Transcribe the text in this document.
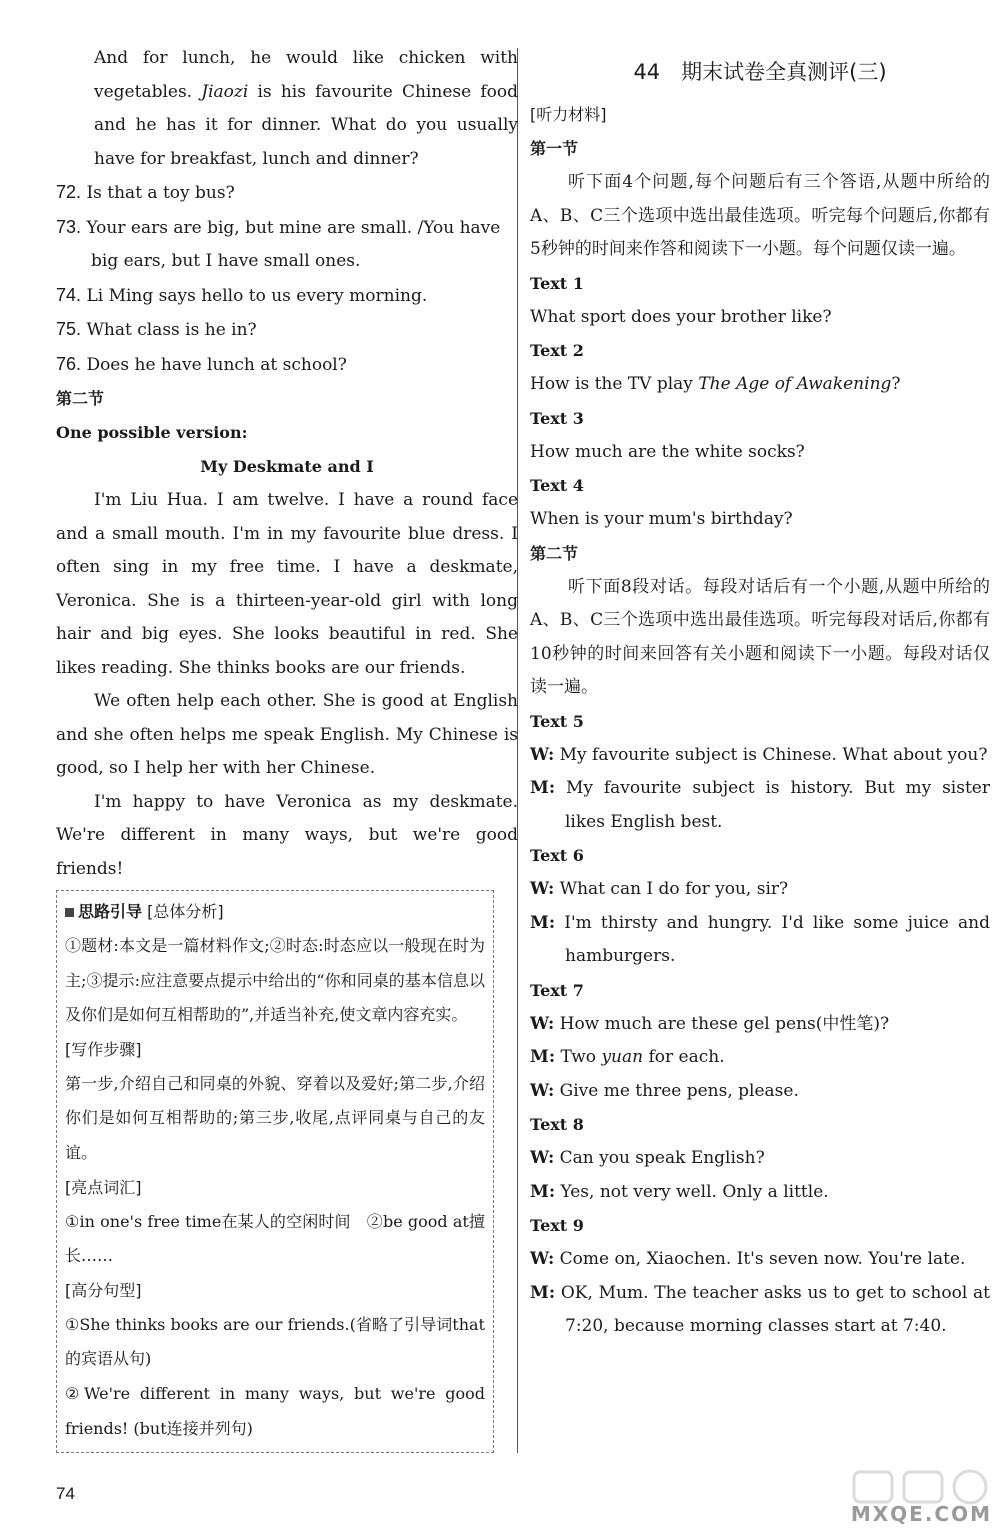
And for lunch, he would like chicken with vegetables. Jiaozi is his favourite Chinese food and he has it for dinner. What do you usually have for breakfast, lunch and dinner?

72. Is that a toy bus?

73. Your ears are big, but mine are small. /You have big ears, but I have small ones.

74. Li Ming says hello to us every morning.

75. What class is he in?

76. Does he have lunch at school?

第二节

One possible version:

My Deskmate and I

I'm Liu Hua. I am twelve. I have a round face and a small mouth. I'm in my favourite blue dress. I often sing in my free time. I have a deskmate, Veronica. She is a thirteen-year-old girl with long hair and big eyes. She looks beautiful in red. She likes reading. She thinks books are our friends.

We often help each other. She is good at English and she often helps me speak English. My Chinese is good, so I help her with her Chinese.

I'm happy to have Veronica as my deskmate. We're different in many ways, but we're good friends!

思路引导 [总体分析]

①题材:本文是一篇材料作文;②时态:时态应以一般现在时为主;③提示:应注意要点提示中给出的“你和同桌的基本信息以及你们是如何互相帮助的”,并适当补充,使文章内容充实。

[写作步骤]

第一步,介绍自己和同桌的外貌、穿着以及爱好;第二步,介绍你们是如何互相帮助的;第三步,收尾,点评同桌与自己的友谊。

[亮点词汇]

①in one's free time在某人的空闲时间　②be good at擅长……

[高分句型]

①She thinks books are our friends.(省略了引导词that的宾语从句)

②We're different in many ways, but we're good friends! (but连接并列句)

44　期末试卷全真测评(三)

[听力材料]

第一节

听下面4个问题,每个问题后有三个答语,从题中所给的A、B、C三个选项中选出最佳选项。听完每个问题后,你都有5秒钟的时间来作答和阅读下一小题。每个问题仅读一遍。

Text 1

What sport does your brother like?

Text 2

How is the TV play The Age of Awakening?

Text 3

How much are the white socks?

Text 4

When is your mum's birthday?

第二节

听下面8段对话。每段对话后有一个小题,从题中所给的A、B、C三个选项中选出最佳选项。听完每段对话后,你都有10秒钟的时间来回答有关小题和阅读下一小题。每段对话仅读一遍。

Text 5

W: My favourite subject is Chinese. What about you?

M: My favourite subject is history. But my sister likes English best.

Text 6

W: What can I do for you, sir?

M: I'm thirsty and hungry. I'd like some juice and hamburgers.

Text 7

W: How much are these gel pens(中性笔)?

M: Two yuan for each.

W: Give me three pens, please.

Text 8

W: Can you speak English?

M: Yes, not very well. Only a little.

Text 9

W: Come on, Xiaochen. It's seven now. You're late.

M: OK, Mum. The teacher asks us to get to school at 7:20, because morning classes start at 7:40.

74
MXQE.COM
